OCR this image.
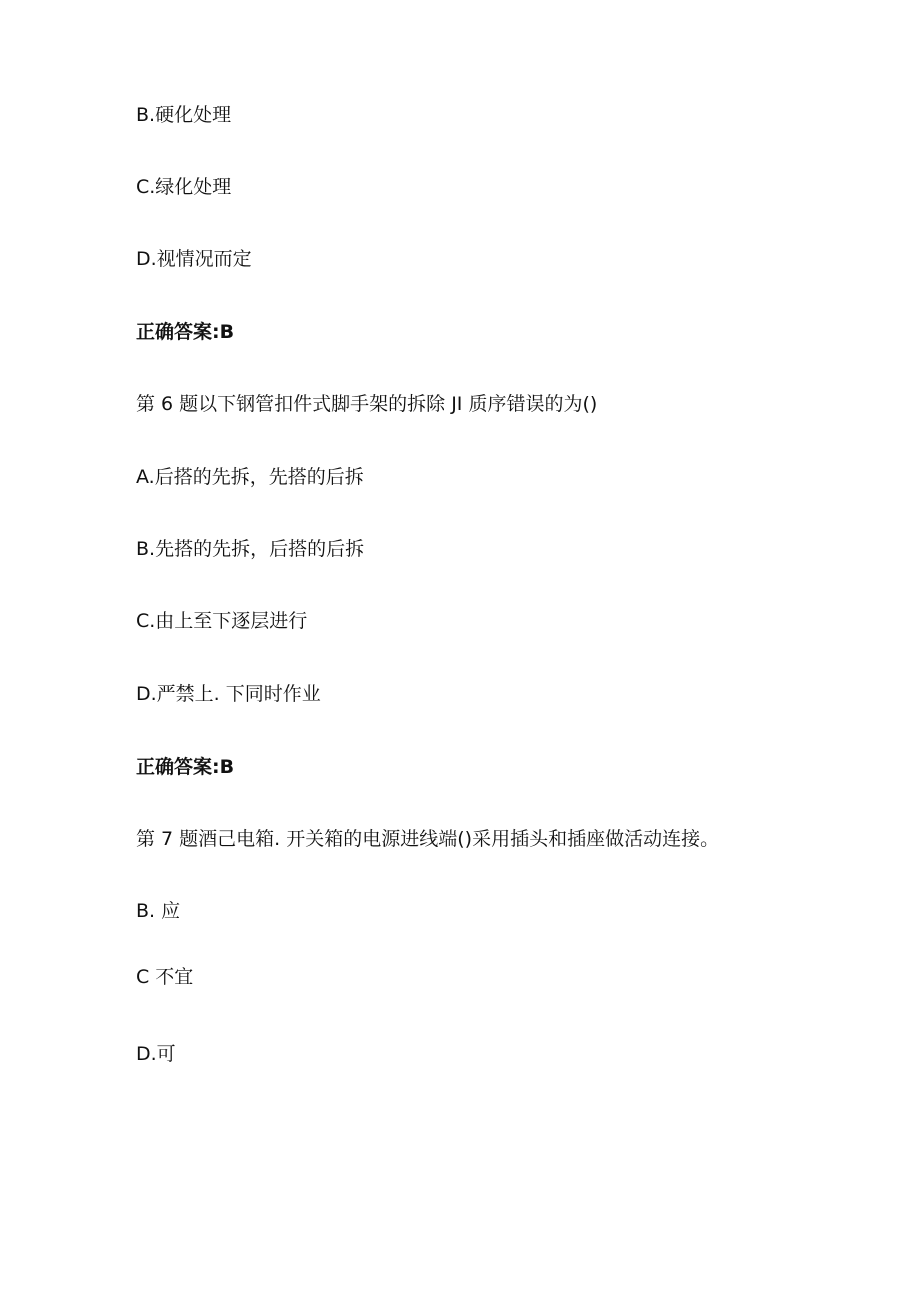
B.硬化处理

C.绿化处理

D.视情况而定

正确答案:B

第 6 题以下钢管扣件式脚手架的拆除 JI 质序错误的为()

A.后搭的先拆，先搭的后拆

B.先搭的先拆，后搭的后拆

C.由上至下逐层进行

D.严禁上. 下同时作业

正确答案:B

第 7 题酒己电箱. 开关箱的电源进线端()采用插头和插座做活动连接。

B. 应

C 不宜

D.可
